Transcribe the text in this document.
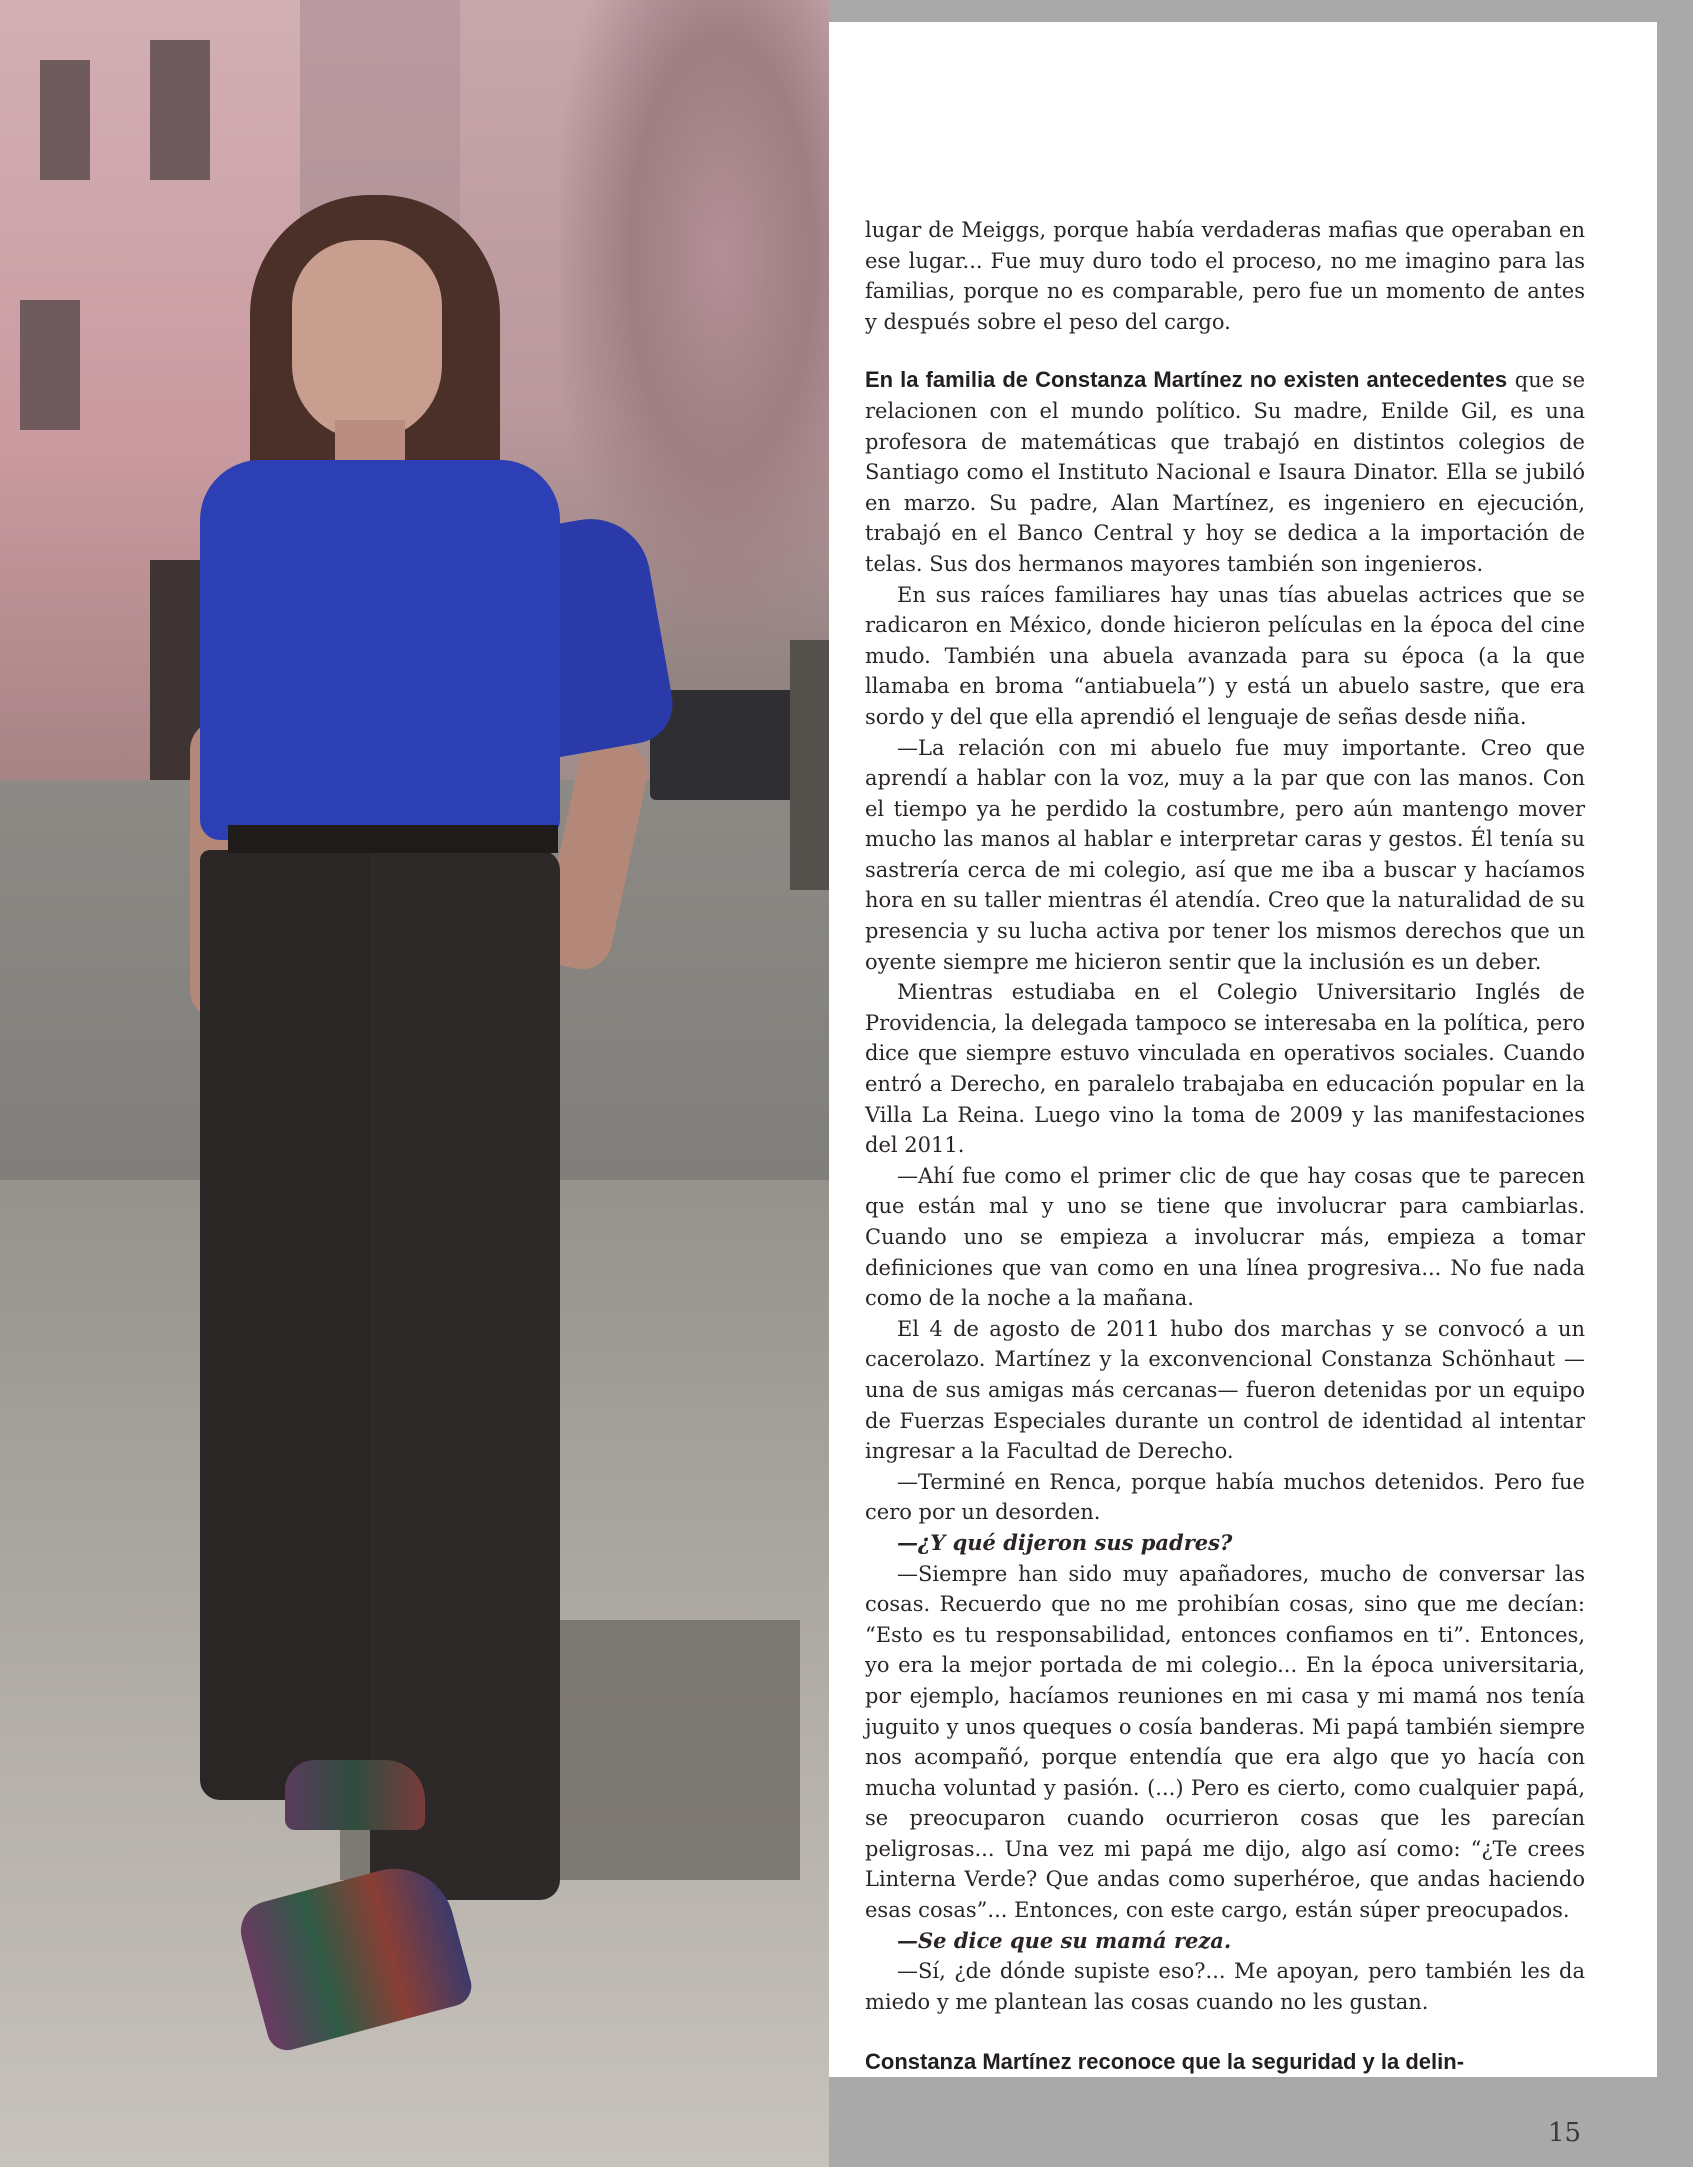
lugar de Meiggs, porque había verdaderas mafias que operaban en ese lugar... Fue muy duro todo el proceso, no me imagino para las familias, porque no es comparable, pero fue un momento de antes y después sobre el peso del cargo.

En la familia de Constanza Martínez no existen antecedentes que se relacionen con el mundo político. Su madre, Enilde Gil, es una profesora de matemáticas que trabajó en distintos colegios de Santiago como el Instituto Nacional e Isaura Dinator. Ella se jubiló en marzo. Su padre, Alan Martínez, es ingeniero en ejecución, trabajó en el Banco Central y hoy se dedica a la importación de telas. Sus dos hermanos mayores también son ingenieros.

En sus raíces familiares hay unas tías abuelas actrices que se radicaron en México, donde hicieron películas en la época del cine mudo. También una abuela avanzada para su época (a la que llamaba en broma “antiabuela”) y está un abuelo sastre, que era sordo y del que ella aprendió el lenguaje de señas desde niña.

—La relación con mi abuelo fue muy importante. Creo que aprendí a hablar con la voz, muy a la par que con las manos. Con el tiempo ya he perdido la costumbre, pero aún mantengo mover mucho las manos al hablar e interpretar caras y gestos. Él tenía su sastrería cerca de mi colegio, así que me iba a buscar y hacíamos hora en su taller mientras él atendía. Creo que la naturalidad de su presencia y su lucha activa por tener los mismos derechos que un oyente siempre me hicieron sentir que la inclusión es un deber.

Mientras estudiaba en el Colegio Universitario Inglés de Providencia, la delegada tampoco se interesaba en la política, pero dice que siempre estuvo vinculada en operativos sociales. Cuando entró a Derecho, en paralelo trabajaba en educación popular en la Villa La Reina. Luego vino la toma de 2009 y las manifestaciones del 2011.

—Ahí fue como el primer clic de que hay cosas que te parecen que están mal y uno se tiene que involucrar para cambiarlas. Cuando uno se empieza a involucrar más, empieza a tomar definiciones que van como en una línea progresiva... No fue nada como de la noche a la mañana.

El 4 de agosto de 2011 hubo dos marchas y se convocó a un cacerolazo. Martínez y la exconvencional Constanza Schönhaut —una de sus amigas más cercanas— fueron detenidas por un equipo de Fuerzas Especiales durante un control de identidad al intentar ingresar a la Facultad de Derecho.

—Terminé en Renca, porque había muchos detenidos. Pero fue cero por un desorden.

—¿Y qué dijeron sus padres?

—Siempre han sido muy apañadores, mucho de conversar las cosas. Recuerdo que no me prohibían cosas, sino que me decían: “Esto es tu responsabilidad, entonces confiamos en ti”. Entonces, yo era la mejor portada de mi colegio... En la época universitaria, por ejemplo, hacíamos reuniones en mi casa y mi mamá nos tenía juguito y unos queques o cosía banderas. Mi papá también siempre nos acompañó, porque entendía que era algo que yo hacía con mucha voluntad y pasión. (...) Pero es cierto, como cualquier papá, se preocuparon cuando ocurrieron cosas que les parecían peligrosas... Una vez mi papá me dijo, algo así como: “¿Te crees Linterna Verde? Que andas como superhéroe, que andas haciendo esas cosas”... Entonces, con este cargo, están súper preocupados.

—Se dice que su mamá reza.

—Sí, ¿de dónde supiste eso?... Me apoyan, pero también les da miedo y me plantean las cosas cuando no les gustan.

Constanza Martínez reconoce que la seguridad y la delin-

15
